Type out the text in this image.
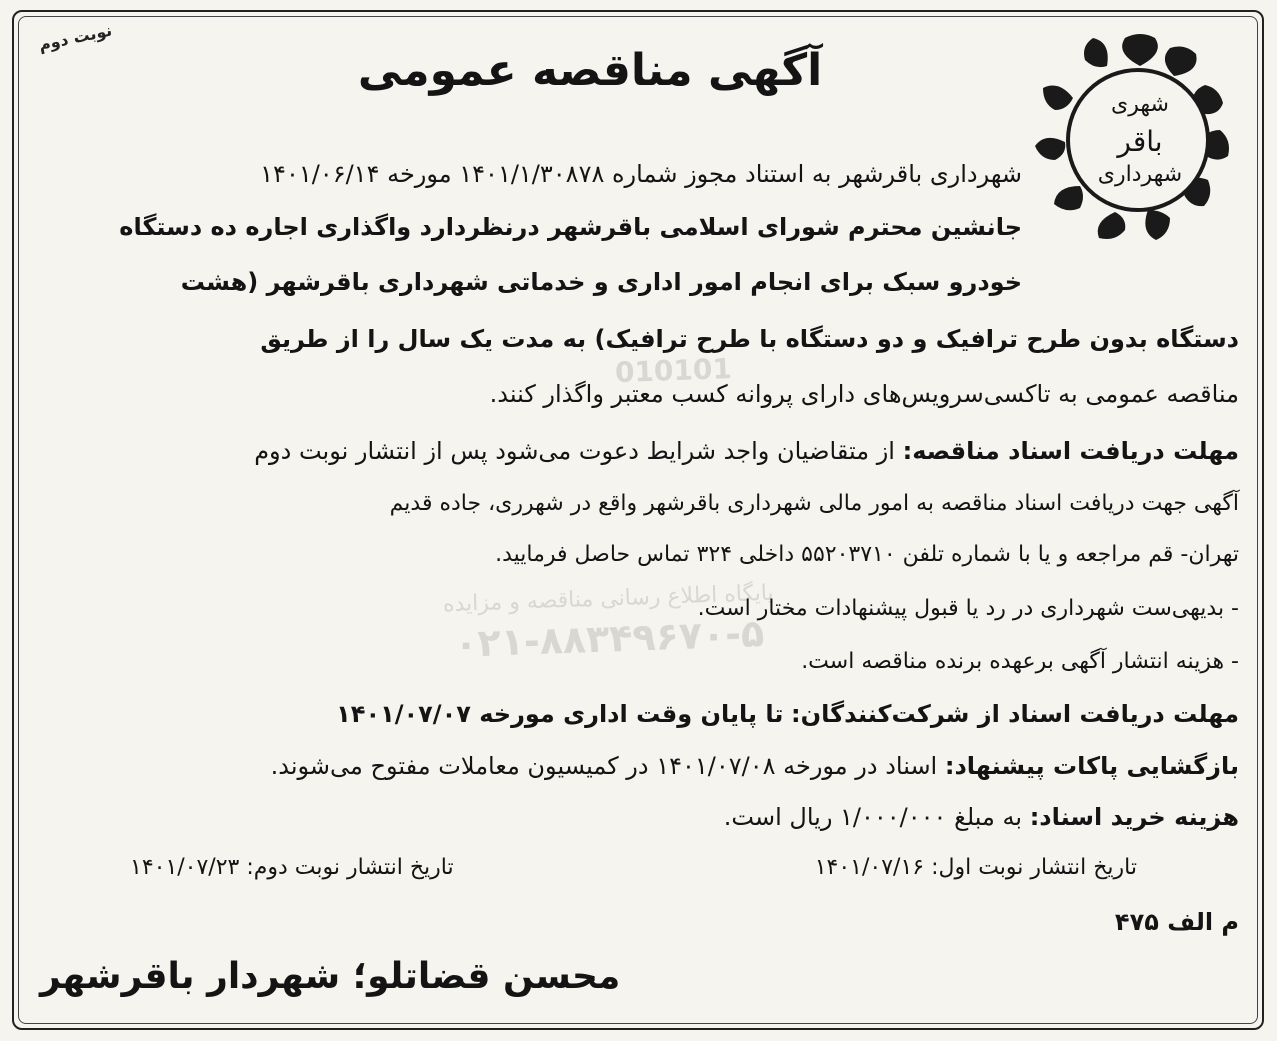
010101
پایگاه اطلاع رسانی مناقصه و مزایده
۰۲۱-۸۸۳۴۹۶۷۰-۵
شهری
باقر
شهرداری
نوبت دوم
آگهی مناقصه عمومی
شهرداری باقرشهر به استناد مجوز شماره ۱۴۰۱/۱/۳۰۸۷۸ مورخه ۱۴۰۱/۰۶/۱۴
جانشین محترم شورای اسلامی باقرشهر درنظردارد واگذاری اجاره ده دستگاه
خودرو سبک برای انجام امور اداری و خدماتی شهرداری باقرشهر (هشت
دستگاه بدون طرح ترافیک و دو دستگاه با طرح ترافیک) به مدت یک سال را از طریق
مناقصه عمومی به تاکسی‌سرویس‌های دارای پروانه کسب معتبر واگذار کنند.
مهلت دریافت اسناد مناقصه: از متقاضیان واجد شرایط دعوت می‌شود پس از انتشار نوبت دوم
آگهی جهت دریافت اسناد مناقصه به امور مالی شهرداری باقرشهر واقع در شهرری، جاده قدیم
تهران- قم مراجعه و یا با شماره تلفن ۵۵۲۰۳۷۱۰ داخلی ۳۲۴ تماس حاصل فرمایید.
- بدیهی‌ست شهرداری در رد یا قبول پیشنهادات مختار است.
- هزینه انتشار آگهی برعهده برنده مناقصه است.
مهلت دریافت اسناد از شرکت‌کنندگان: تا پایان وقت اداری مورخه ۱۴۰۱/۰۷/۰۷
بازگشایی پاکات پیشنهاد: اسناد در مورخه ۱۴۰۱/۰۷/۰۸ در کمیسیون معاملات مفتوح می‌شوند.
هزینه خرید اسناد: به مبلغ ۱/۰۰۰/۰۰۰ ریال است.
تاریخ انتشار نوبت اول: ۱۴۰۱/۰۷/۱۶
تاریخ انتشار نوبت دوم: ۱۴۰۱/۰۷/۲۳
م الف ۴۷۵
محسن قضاتلو؛ شهردار باقرشهر
